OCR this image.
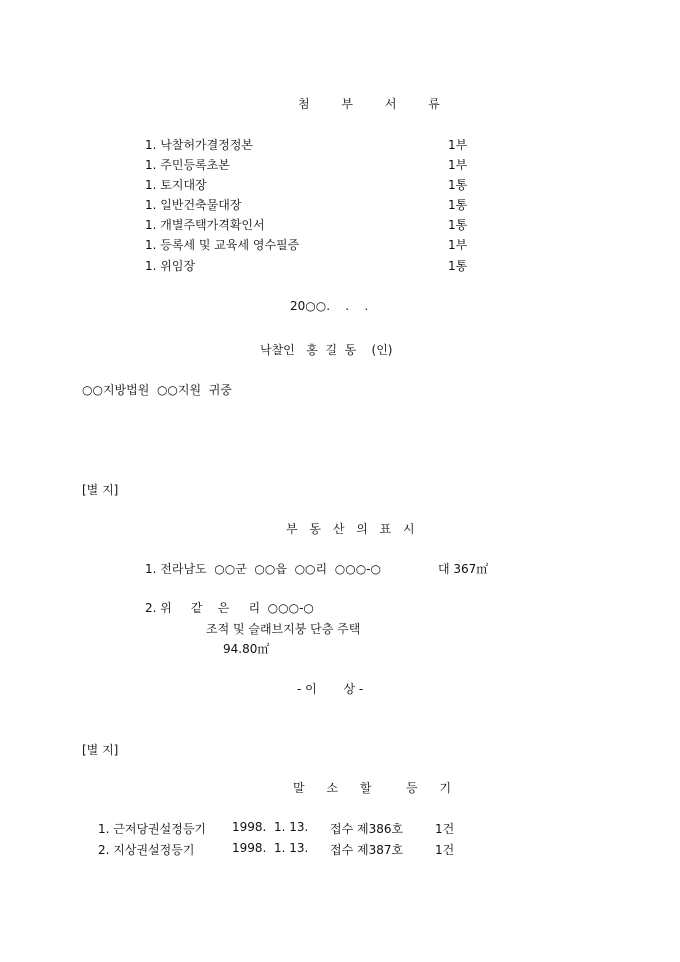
첨 부 서 류
1. 낙찰허가결정정본	1부
1. 주민등록초본	1부
1. 토지대장	1통
1. 일반건축물대장	1통
1. 개별주택가격확인서	1통
1. 등록세 및 교육세 영수필증	1부
1. 위임장	1통
20○○.    .    .
낙찰인   홍  길  동    (인)
○○지방법원  ○○지원  귀중
[별 지]
부 동 산 의 표 시
1. 전라남도  ○○군  ○○읍  ○○리  ○○○-○	대 367㎡
2. 위     같    은     리  ○○○-○
조적 및 슬래브지붕 단층 주택
94.80㎡
- 이       상 -
[별 지]
말 소 할  등 기
1. 근저당권설정등기 1998.  1. 13. 접수 제386호	1건
2. 지상권설정등기	1998.  1. 13. 접수 제387호	1건
